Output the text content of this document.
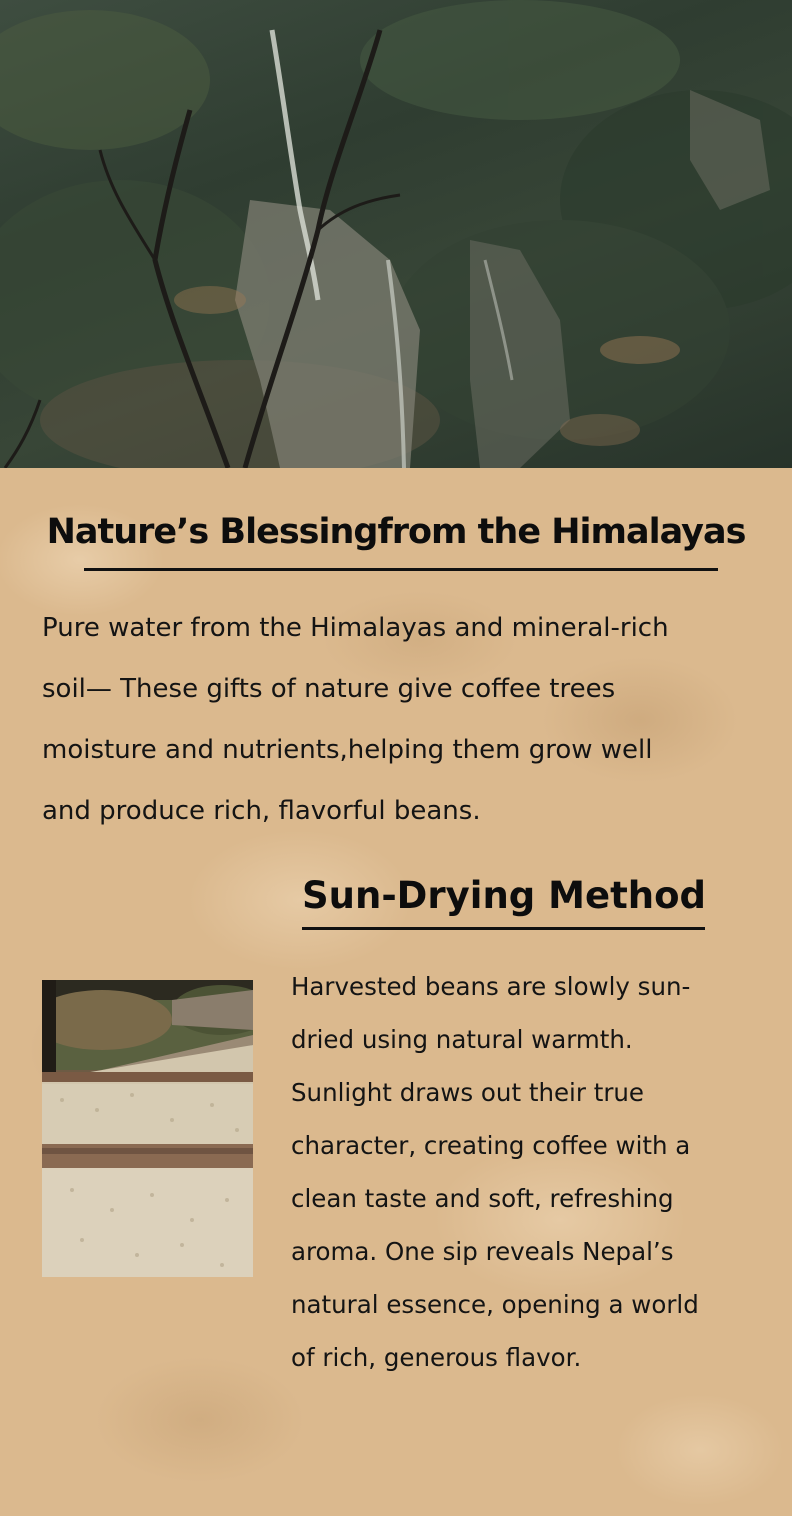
Nature’s Blessingfrom the Himalayas

Pure water from the Himalayas and mineral-rich
soil— These gifts of nature give coffee trees
moisture and nutrients,helping them grow well
and produce rich, flavorful beans.

Sun-Drying Method

Harvested beans are slowly sun-
dried using natural warmth.
Sunlight draws out their true
character, creating coffee with a
clean taste and soft, refreshing
aroma. One sip reveals Nepal’s
natural essence, opening a world
of rich, generous flavor.
